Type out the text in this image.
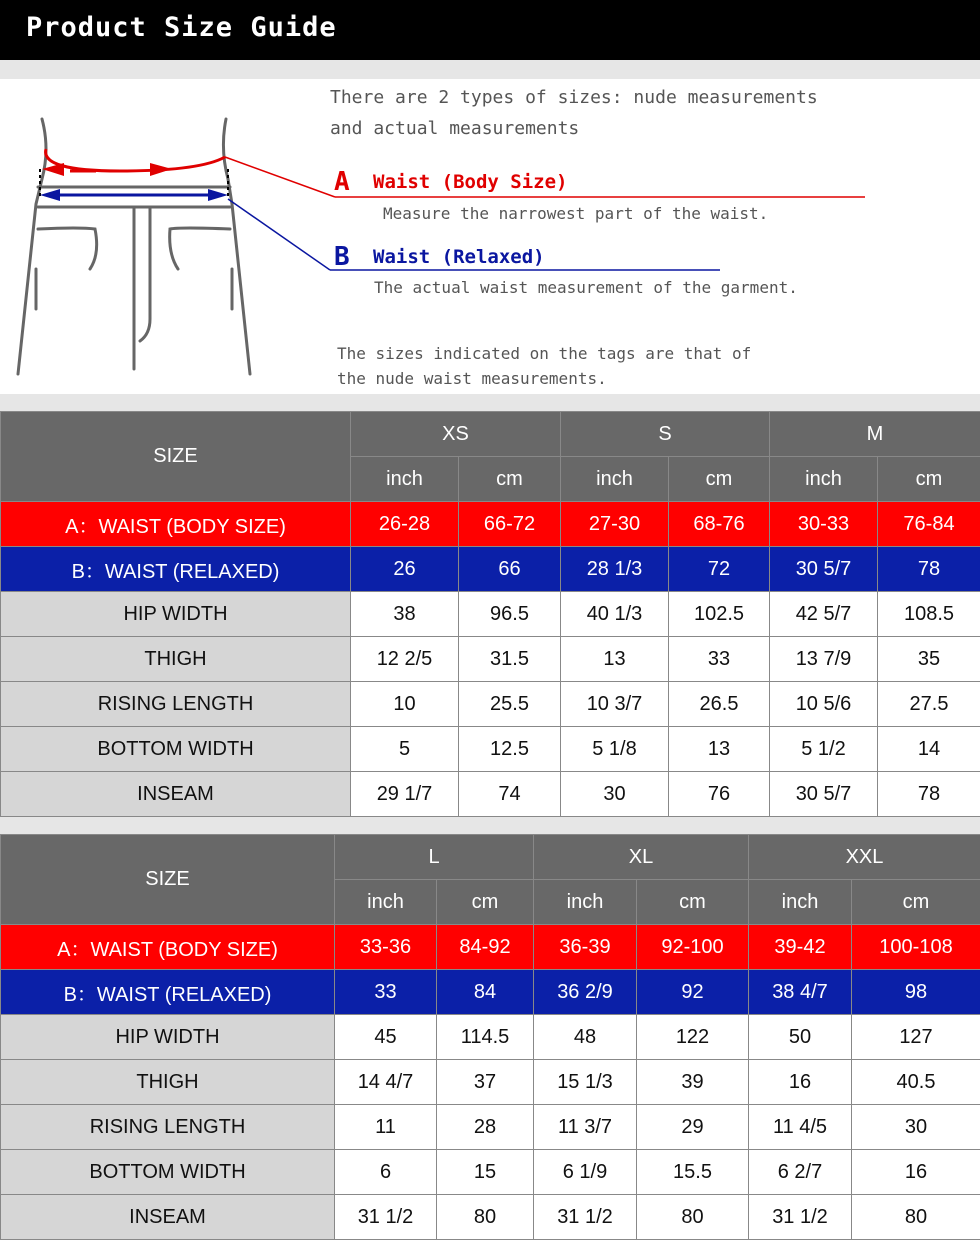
Product Size Guide
There are 2 types of sizes: nude measurements
and actual measurements
A Waist (Body Size)
Measure the narrowest part of the waist.
B Waist (Relaxed)
The actual waist measurement of the garment.
The sizes indicated on the tags are that of
the nude waist measurements.
SIZE	XS		S		M	
	inch	cm	inch	cm	inch	cm
A：WAIST (BODY SIZE)	26-28	66-72	27-30	68-76	30-33	76-84
B：WAIST (RELAXED)	26	66	28 1/3	72	30 5/7	78
HIP WIDTH	38	96.5	40 1/3	102.5	42 5/7	108.5
THIGH	12 2/5	31.5	13	33	13 7/9	35
RISING LENGTH	10	25.5	10 3/7	26.5	10 5/6	27.5
BOTTOM WIDTH	5	12.5	5 1/8	13	5 1/2	14
INSEAM	29 1/7	74	30	76	30 5/7	78
SIZE	L		XL		XXL	
	inch	cm	inch	cm	inch	cm
A：WAIST (BODY SIZE)	33-36	84-92	36-39	92-100	39-42	100-108
B：WAIST (RELAXED)	33	84	36 2/9	92	38 4/7	98
HIP WIDTH	45	114.5	48	122	50	127
THIGH	14 4/7	37	15 1/3	39	16	40.5
RISING LENGTH	11	28	11 3/7	29	11 4/5	30
BOTTOM WIDTH	6	15	6 1/9	15.5	6 2/7	16
INSEAM	31 1/2	80	31 1/2	80	31 1/2	80
